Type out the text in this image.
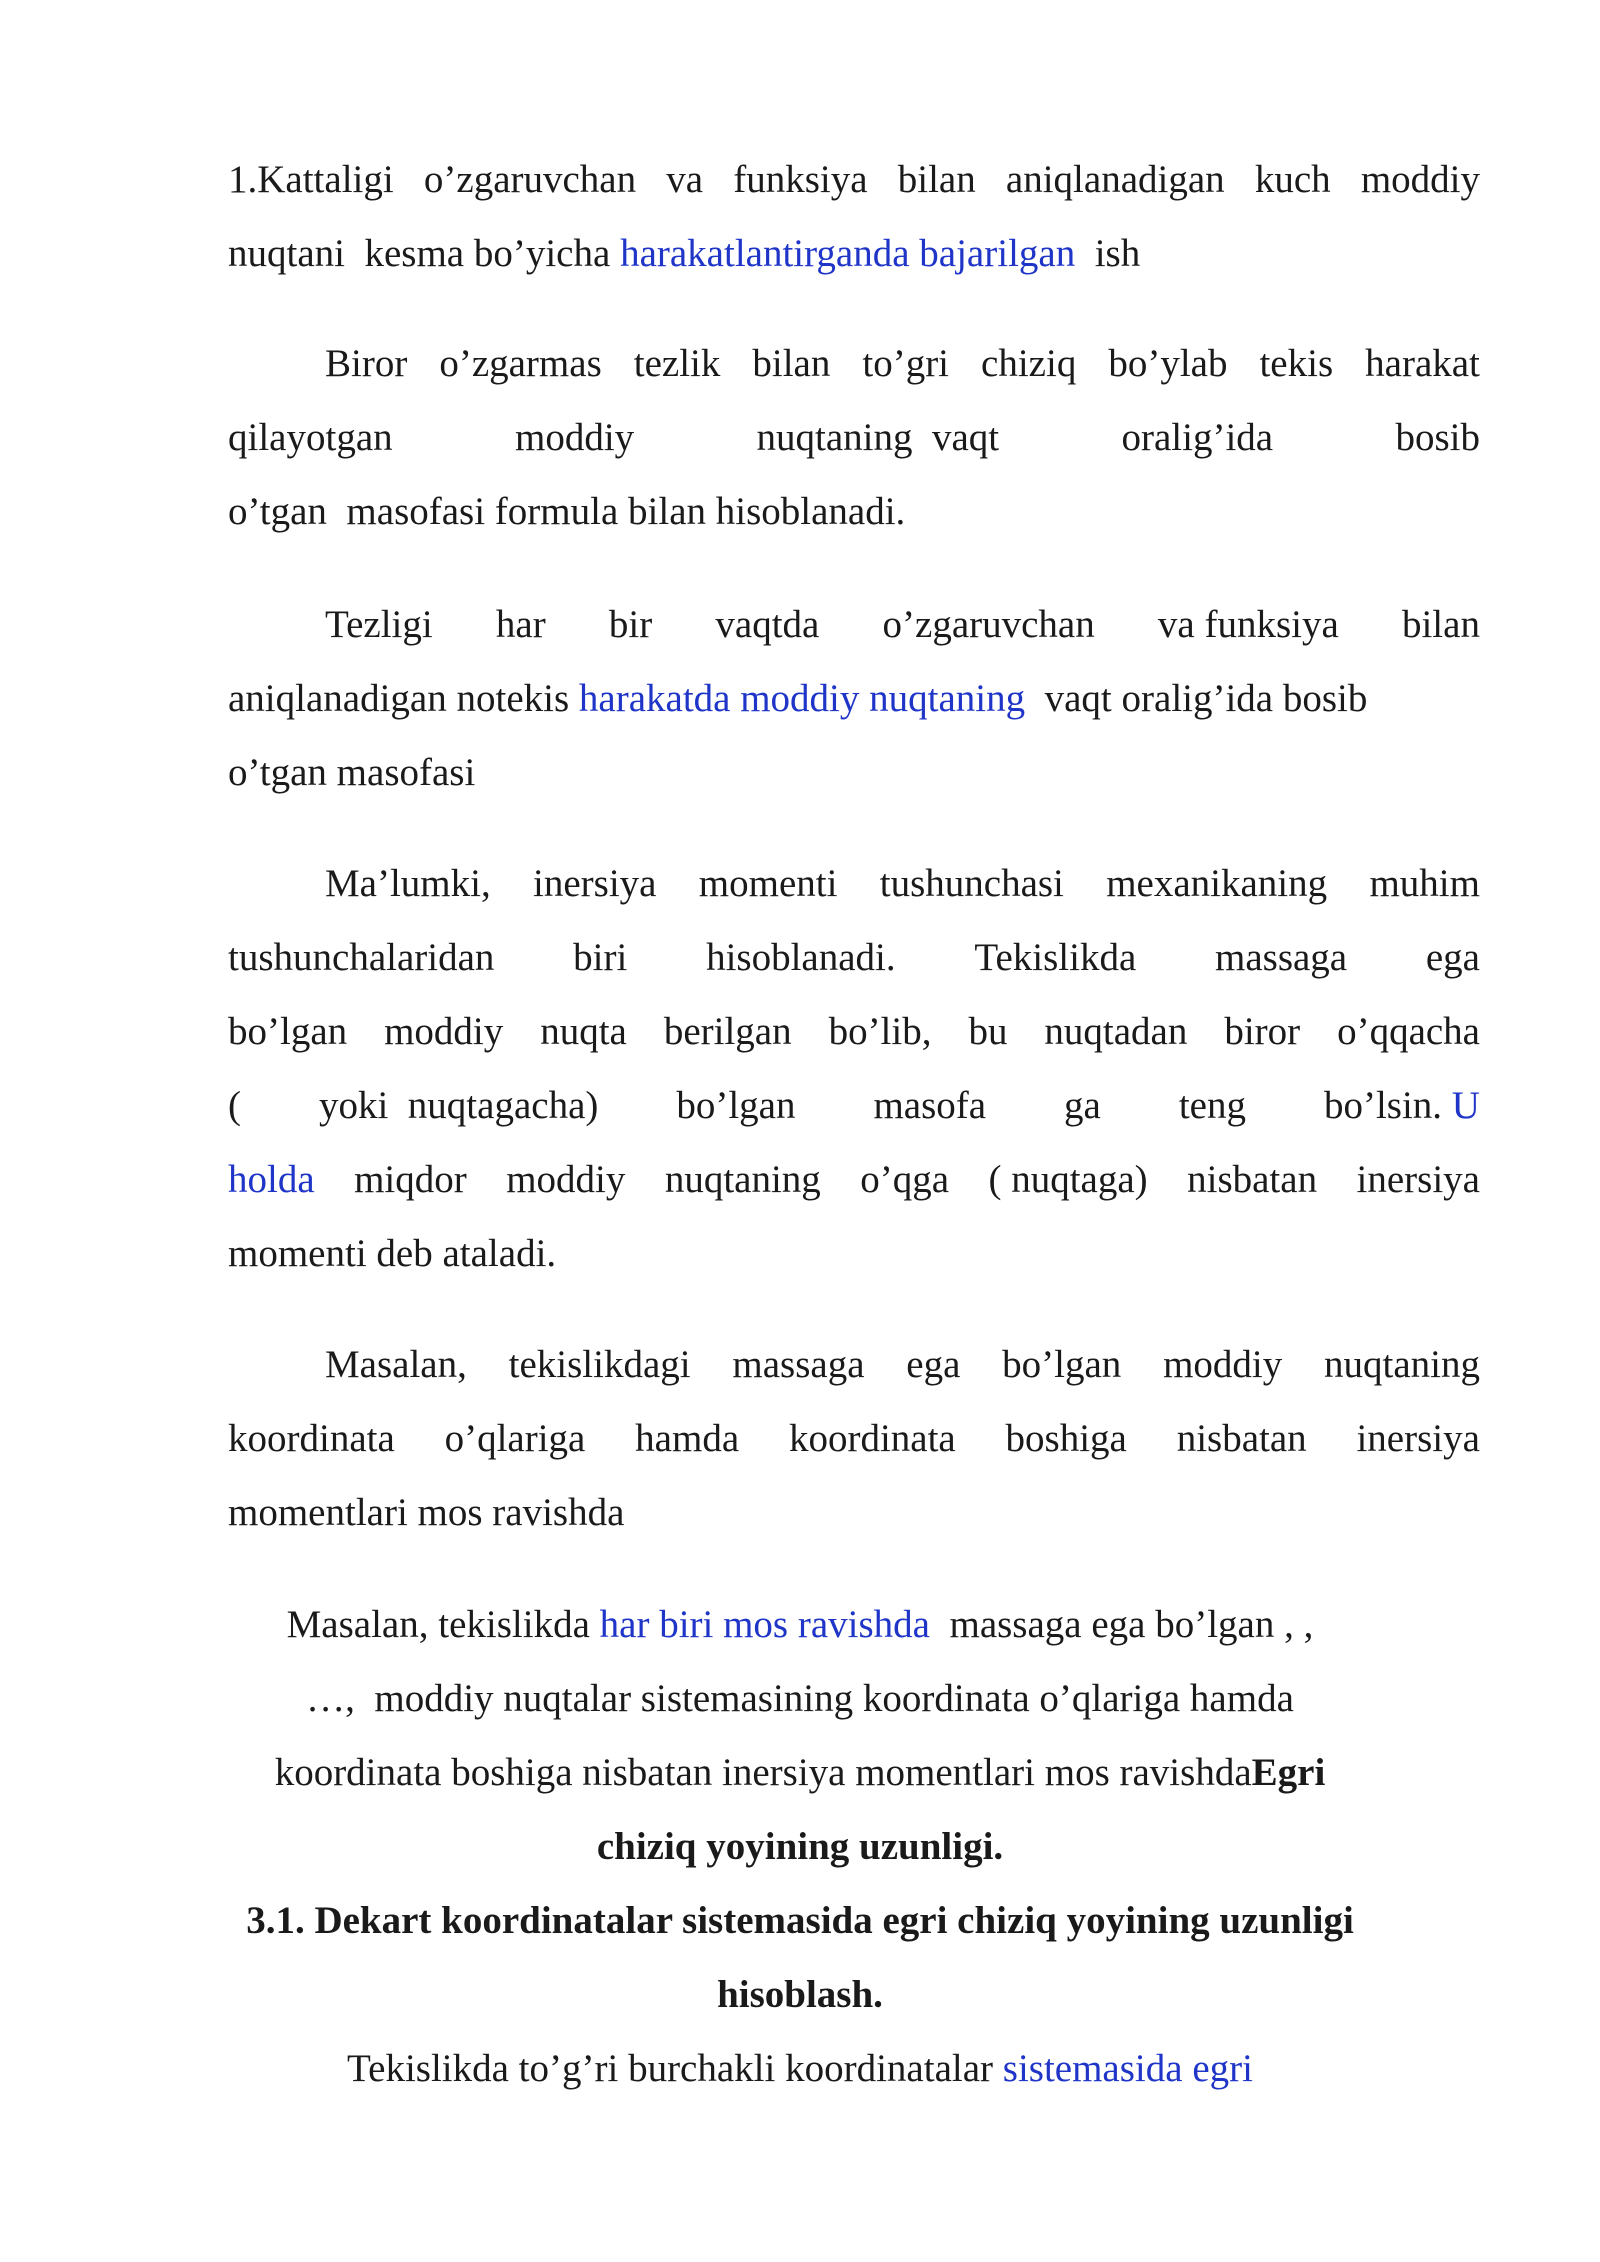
1.Kattaligi o’zgaruvchan va funksiya bilan aniqlanadigan kuch moddiy
nuqtani  kesma bo’yicha harakatlantirganda bajarilgan ish
Biror o’zgarmas tezlik bilan to’gri chiziq bo’ylab tekis harakat
qilayotgan	moddiy	nuqtaning  vaqt	oralig’ida	bosib
o’tgan  masofasi formula bilan hisoblanadi.
Tezligi har bir vaqtda o’zgaruvchan va funksiya bilan
aniqlanadigan notekis harakatda moddiy nuqtaning vaqt oralig’ida bosib
o’tgan masofasi
Ma’lumki, inersiya momenti tushunchasi mexanikaning muhim
tushunchalaridan biri hisoblanadi. Tekislikda massaga ega
bo’lgan moddiy nuqta berilgan bo’lib, bu nuqtadan biror o’qqacha
( yoki  nuqtagacha) bo’lgan masofa ga teng bo’lsin. U
holda miqdor moddiy nuqtaning o’qga ( nuqtaga) nisbatan inersiya
momenti deb ataladi.
Masalan, tekislikdagi massaga ega bo’lgan moddiy nuqtaning
koordinata o’qlariga hamda koordinata boshiga nisbatan inersiya
momentlari mos ravishda
Masalan, tekislikda har biri mos ravishda massaga ega bo’lgan , ,
…,  moddiy nuqtalar sistemasining koordinata o’qlariga hamda
koordinata boshiga nisbatan inersiya momentlari mos ravishda Egri
chiziq yoyining uzunligi.
3.1. Dekart koordinatalar sistemasida egri chiziq yoyining uzunligi
hisoblash.
Tekislikda to’g’ri burchakli koordinatalar sistemasida egri
